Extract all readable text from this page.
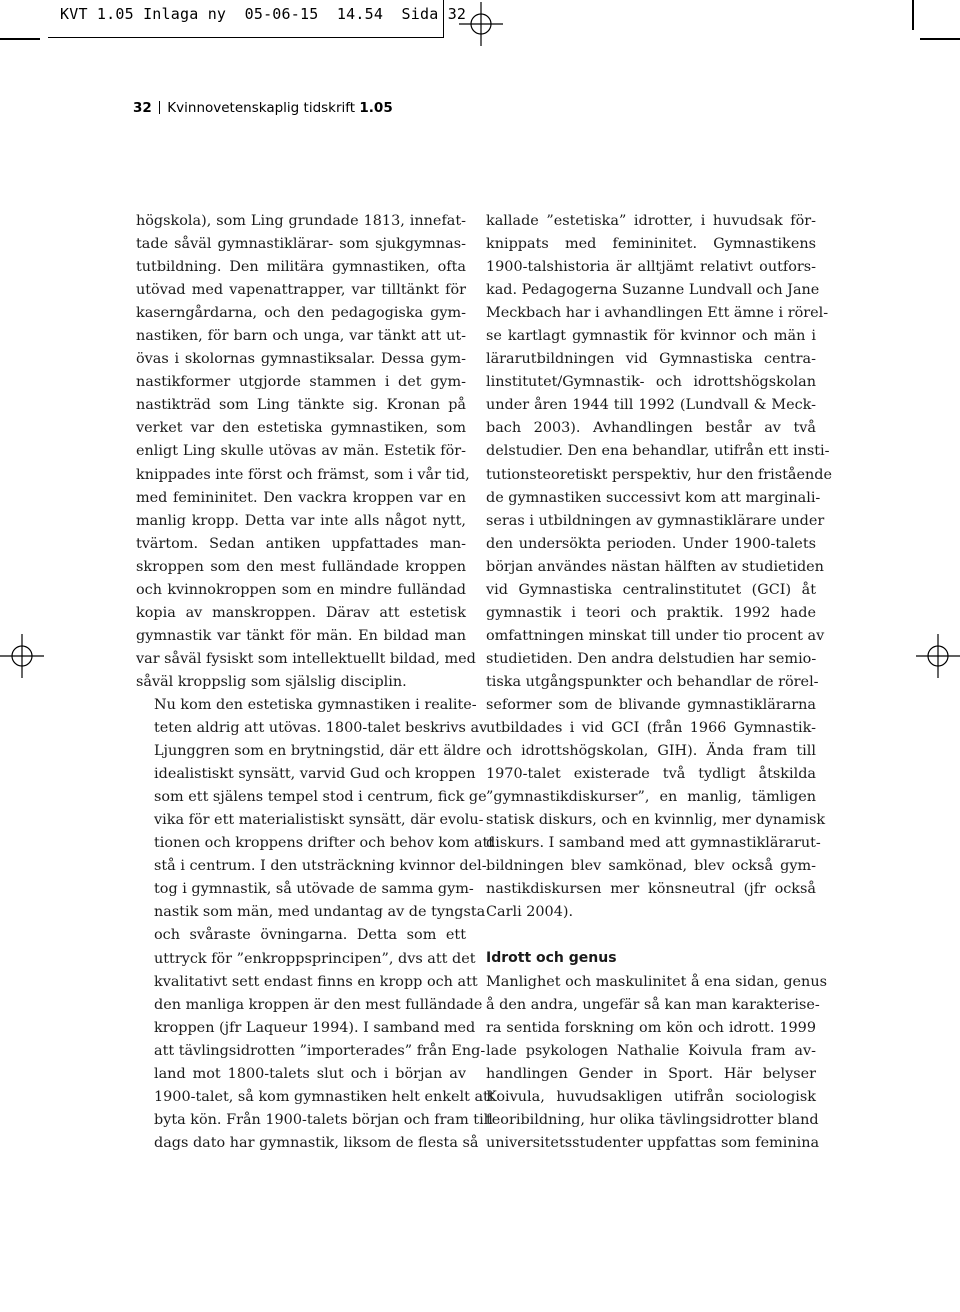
KVT 1.05 Inlaga ny  05-06-15  14.54  Sida 32
32 Kvinnovetenskaplig tidskrift 1.05

högskola), som Ling grundade 1813, innefat-
tade såväl gymnastiklärar- som sjukgymnas-
tutbildning. Den militära gymnastiken, ofta
utövad med vapenattrapper, var tilltänkt för
kaserngårdarna, och den pedagogiska gym-
nastiken, för barn och unga, var tänkt att ut-
övas i skolornas gymnastiksalar. Dessa gym-
nastikformer utgjorde stammen i det gym-
nastikträd som Ling tänkte sig. Kronan på
verket var den estetiska gymnastiken, som
enligt Ling skulle utövas av män. Estetik för-
knippades inte först och främst, som i vår tid,
med femininitet. Den vackra kroppen var en
manlig kropp. Detta var inte alls något nytt,
tvärtom. Sedan antiken uppfattades man-
skroppen som den mest fulländade kroppen
och kvinnokroppen som en mindre fulländad
kopia av manskroppen. Därav att estetisk
gymnastik var tänkt för män. En bildad man
var såväl fysiskt som intellektuellt bildad, med
såväl kroppslig som själslig disciplin.

Nu kom den estetiska gymnastiken i realite-
teten aldrig att utövas. 1800-talet beskrivs av
Ljunggren som en brytningstid, där ett äldre
idealistiskt synsätt, varvid Gud och kroppen
som ett själens tempel stod i centrum, fick ge
vika för ett materialistiskt synsätt, där evolu-
tionen och kroppens drifter och behov kom att
stå i centrum. I den utsträckning kvinnor del-
tog i gymnastik, så utövade de samma gym-
nastik som män, med undantag av de tyngsta
och svåraste övningarna. Detta som ett
uttryck för ”enkroppsprincipen”, dvs att det
kvalitativt sett endast finns en kropp och att
den manliga kroppen är den mest fulländade
kroppen (jfr Laqueur 1994). I samband med
att tävlingsidrotten ”importerades” från Eng-
land mot 1800-talets slut och i början av
1900-talet, så kom gymnastiken helt enkelt att
byta kön. Från 1900-talets början och fram till
dags dato har gymnastik, liksom de flesta så

kallade ”estetiska” idrotter, i huvudsak för-
knippats med femininitet. Gymnastikens
1900-talshistoria är alltjämt relativt outfors-
kad. Pedagogerna Suzanne Lundvall och Jane
Meckbach har i avhandlingen Ett ämne i rörel-
se kartlagt gymnastik för kvinnor och män i
lärarutbildningen vid Gymnastiska centra-
linstitutet/Gymnastik- och idrottshögskolan
under åren 1944 till 1992 (Lundvall & Meck-
bach 2003). Avhandlingen består av två
delstudier. Den ena behandlar, utifrån ett insti-
tutionsteoretiskt perspektiv, hur den fristående
de gymnastiken successivt kom att marginali-
seras i utbildningen av gymnastiklärare under
den undersökta perioden. Under 1900-talets
början användes nästan hälften av studietiden
vid Gymnastiska centralinstitutet (GCI) åt
gymnastik i teori och praktik. 1992 hade
omfattningen minskat till under tio procent av
studietiden. Den andra delstudien har semio-
tiska utgångspunkter och behandlar de rörel-
seformer som de blivande gymnastiklärarna
utbildades i vid GCI (från 1966 Gymnastik-
och idrottshögskolan, GIH). Ända fram till
1970-talet existerade två tydligt åtskilda
”gymnastikdiskurser”, en manlig, tämligen
statisk diskurs, och en kvinnlig, mer dynamisk
diskurs. I samband med att gymnastiklärarut-
bildningen blev samkönad, blev också gym-
nastikdiskursen mer könsneutral (jfr också
Carli 2004).

Idrott och genus

Manlighet och maskulinitet å ena sidan, genus
å den andra, ungefär så kan man karakterise-
ra sentida forskning om kön och idrott. 1999
lade psykologen Nathalie Koivula fram av-
handlingen Gender in Sport. Här belyser
Koivula, huvudsakligen utifrån sociologisk
teoribildning, hur olika tävlingsidrotter bland
universitetsstudenter uppfattas som feminina
